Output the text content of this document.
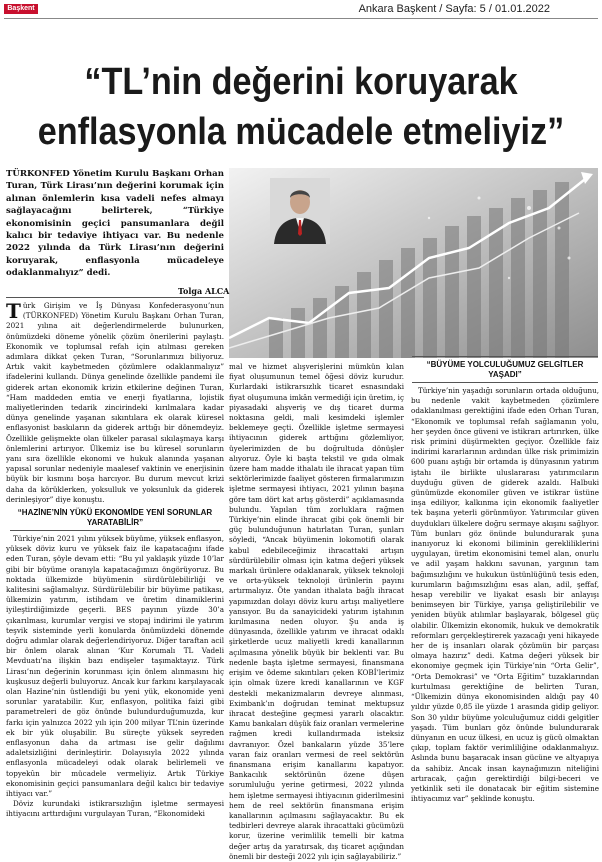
Başkent	Ankara Başkent / Sayfa: 5 / 01.01.2022
“TL’nin değerini koruyarak
enflasyonla mücadele etmeliyiz”
TÜRKONFED Yönetim Kurulu Başkanı Orhan Turan, Türk Lirası’nın değerini korumak için alınan önlemlerin kısa vadeli nefes almayı sağlayacağını belirterek, “Türkiye ekonomisinin geçici pansumanlara değil kalıcı bir tedaviye ihtiyacı var. Bu nedenle 2022 yılında da Türk Lirası’nın değerini koruyarak, enflasyonla mücadeleye odaklanmalıyız” dedi.
Tolga ALCA

Türk Girişim ve İş Dünyası Konfederasyonu’nun (TÜRKONFED) Yönetim Kurulu Başkanı Orhan Turan, 2021 yılına ait değerlendirmelerde bulunurken, önümüzdeki döneme yönelik çözüm önerilerini paylaştı. Ekonomik ve toplumsal refah için atılması gereken adımlara dikkat çeken Turan, “Sorunlarımızı biliyoruz. Artık vakit kaybetmeden çözümlere odaklanmalıyız” ifadelerini kullandı. Dünya genelinde özellikle pandemi ile giderek artan ekonomik krizin etkilerine değinen Turan, “Ham maddeden emtia ve enerji fiyatlarına, lojistik maliyetlerinden tedarik zincirindeki kırılmalara kadar dünya genelinde yaşanan sıkıntılara ek olarak küresel enflasyonist baskıların da giderek arttığı bir dönemdeyiz. Özellikle gelişmekte olan ülkeler parasal sıkılaşmaya karşı önlemlerini artırıyor. Ülkemiz ise bu küresel sorunların yanı sıra özellikle ekonomi ve hukuk alanında yaşanan yapısal sorunlar nedeniyle maalesef vaktinin ve enerjisinin büyük bir kısmını boşa harcıyor. Bu durum mevcut krizi daha da körüklerken, yoksulluk ve yoksunluk da giderek derinleşiyor” diye konuştu.

“HAZİNE’NİN YÜKÜ EKONOMİDE YENİ SORUNLAR YARATABİLİR”

Türkiye’nin 2021 yılını yüksek büyüme, yüksek enflasyon, yüksek döviz kuru ve yüksek faiz ile kapatacağını ifade eden Turan, şöyle devam etti: “Bu yıl yaklaşık yüzde 10’lar gibi bir büyüme oranıyla kapatacağımızı öngörüyoruz. Bu noktada ülkemizde büyümenin sürdürülebilirliği ve kalitesini sağlamalıyız. Sürdürülebilir bir büyüme patikası, ülkemizin yatırım, istihdam ve üretim dinamiklerini iyileştirdiğimizde geçerli. BES payının yüzde 30’a çıkarılması, kurumlar vergisi ve stopaj indirimi ile yatırım teşvik sisteminde yerli konularda önümüzdeki dönemde doğru adımlar olarak değerlendiriyoruz. Diğer taraftan acil bir önlem olarak alınan ‘Kur Korumalı TL Vadeli Mevduatı’na ilişkin bazı endişeler taşımaktayız. Türk Lirası’nın değerinin korunması için önlem alınmasını hiç kuşkusuz değerli buluyoruz. Ancak kur farkını karşılayacak olan Hazine’nin üstlendiği bu yeni yük, ekonomide yeni sorunlar yaratabilir. Kur, enflasyon, politika faizi gibi parametreleri de göz önünde bulundurduğumuzda, kur farkı için yalnızca 2022 yılı için 200 milyar TL’nin üzerinde ek bir yük oluşabilir. Bu süreçte yüksek seyreden enflasyonun daha da artması ise gelir dağılımı adaletsizliğini derinleştirir. Dolayısıyla 2022 yılında enflasyonla mücadeleyi odak olarak belirlemeli ve topyekûn bir mücadele vermeliyiz. Artık Türkiye ekonomisinin geçici pansumanlara değil kalıcı bir tedaviye ihtiyacı var.”

Döviz kurundaki istikrarsızlığın işletme sermayesi ihtiyacını arttırdığını vurgulayan Turan, “Ekonomideki

mal ve hizmet alışverişlerini mümkün kılan fiyat olușumunun temel öğesi döviz kurudur. Kurlardaki istikrarsızlık ticaret esnasındaki fiyat oluşumuna imkân vermediği için üretim, iç piyasadaki alışveriş ve dış ticaret durma noktasına geldi, mali kesimdeki işlemler beklemeye geçti. Özellikle işletme sermayesi ihtiyacının giderek arttığını gözlemliyor, üyelerimizden de bu doğrultuda dönüşler alıyoruz. Öyle ki başta tekstil ve gıda olmak üzere ham madde ithalatı ile ihracat yapan tüm sektörlerimizde faaliyet gösteren firmalarımızın işletme sermayesi ihtiyacı, 2021 yılının başına göre tam dört kat artış gösterdi” açıklamasında bulundu. Yapılan tüm zorluklara rağmen Türkiye’nin elinde ihracat gibi çok önemli bir güç bulunduğunun hatırlatan Turan, şunları söyledi, “Ancak büyümenin lokomotifi olarak kabul edebileceğimiz ihracattaki artışın sürdürülebilir olması için katma değeri yüksek markalı ürünlere odaklanarak, yüksek teknoloji ve orta-yüksek teknoloji ürünlerin payını artırmalıyız. Öte yandan ithalata bağlı ihracat yapımızdan dolayı döviz kuru artışı maliyetlere yansıyor. Bu da sanayicideki yatırım iştahının kırılmasına neden oluyor. Şu anda iş dünyasında, özellikle yatırım ve ihracat odaklı şirketlerde ucuz maliyetli kredi kanallarının açılmasına yönelik büyük bir beklenti var. Bu nedenle başta işletme sermayesi, finansmana erişim ve ödeme sıkıntıları çeken KOBİ’lerimiz için olmak üzere kredi kanallarının ve KGF destekli mekanizmaların devreye alınması, Eximbank’ın doğrudan teminat mektupsuz ihracat desteğine geçmesi yararlı olacaktır. Kamu bankaları düşük faiz oranları vermelerine rağmen kredi kullandırmada isteksiz davranıyor. Özel bankaların yüzde 35’lere varan faiz oranları vermesi de reel sektörün finansmana erişim kanallarını kapatıyor. Bankacılık sektörünün özene düşen sorumluluğu yerine getirmesi, 2022 yılında hem işletme sermayesi ihtiyacının giderilmesini hem de reel sektörün finansmana erişim kanallarının açılmasını sağlayacaktır. Bu ek tedbirleri devreye alarak ihracattaki gücümüzü korur, üzerine verimlilik temelli bir katma değer artış da yaratırsak, dış ticaret açığından önemli bir desteği 2022 yılı için sağlayabiliriz.”

“BÜYÜME YOLCULUĞUMUZ GELGİTLER YAŞADI”

Türkiye’nin yaşadığı sorunların ortada olduğunu, bu nedenle vakit kaybetmeden çözümlere odaklanılması gerektiğini ifade eden Orhan Turan, “Ekonomik ve toplumsal refah sağlamanın yolu, her şeyden önce güveni ve istikrarı artırırken, ülke risk primini düşürmekten geçiyor. Özellikle faiz indirimi kararlarının ardından ülke risk primimizin 600 puanı aştığı bir ortamda iş dünyasının yatırım iştahı ile birlikte uluslararası yatırımcıların duyduğu güven de giderek azaldı. Halbuki günümüzde ekonomiler güven ve istikrar üstüne inşa ediliyor, kalkınma için ekonomik faaliyetler tek başına yeterli görünmüyor. Yatırımcılar güven duydukları ülkelere doğru sermaye akışını sağlıyor. Tüm bunları göz önünde bulundurarak şuna inanıyoruz ki ekonomi biliminin gerekliliklerini uygulayan, üretim ekonomisini temel alan, onurlu ve adil yaşam hakkını savunan, yargının tam bağımsızlığını ve hukukun üstünlüğünü tesis eden, kurumların bağımsızlığını esas alan, adil, şeffaf, hesap verebilir ve liyakat esaslı bir anlayışı benimseyen bir Türkiye, yarışa geliştirilebilir ve yeniden büyük atılımlar başlayarak, bölgesel güç olabilir. Ülkemizin ekonomik, hukuk ve demokratik reformları gerçekleştirerek yazacağı yeni hikayede her de iş insanları olarak çözümün bir parçası olmaya hazırız” dedi. Katma değeri yüksek bir ekonomiye geçmek için Türkiye’nin “Orta Gelir”, “Orta Demokrasi” ve “Orta Eğitim” tuzaklarından kurtulması gerektiğine de belirten Turan, “Ülkemizin dünya ekonomisinden aldığı pay 40 yıldır yüzde 0,85 ile yüzde 1 arasında gidip geliyor. Son 30 yıldır büyüme yolculuğumuz ciddi gelgitler yaşadı. Tüm bunları göz önünde bulundurarak dünyanın en ucuz ülkesi, en ucuz iş gücü olmaktan çıkıp, toplam faktör verimliliğine odaklanmalıyız. Aslında bunu başaracak insan gücüne ve altyapıya da sahibiz. Ancak insan kaynağımızın niteliğini artıracak, çağın gerektirdiği bilgi-beceri ve yetkinlik seti ile donatacak bir eğitim sistemine ihtiyacımız var” şeklinde konuştu.
